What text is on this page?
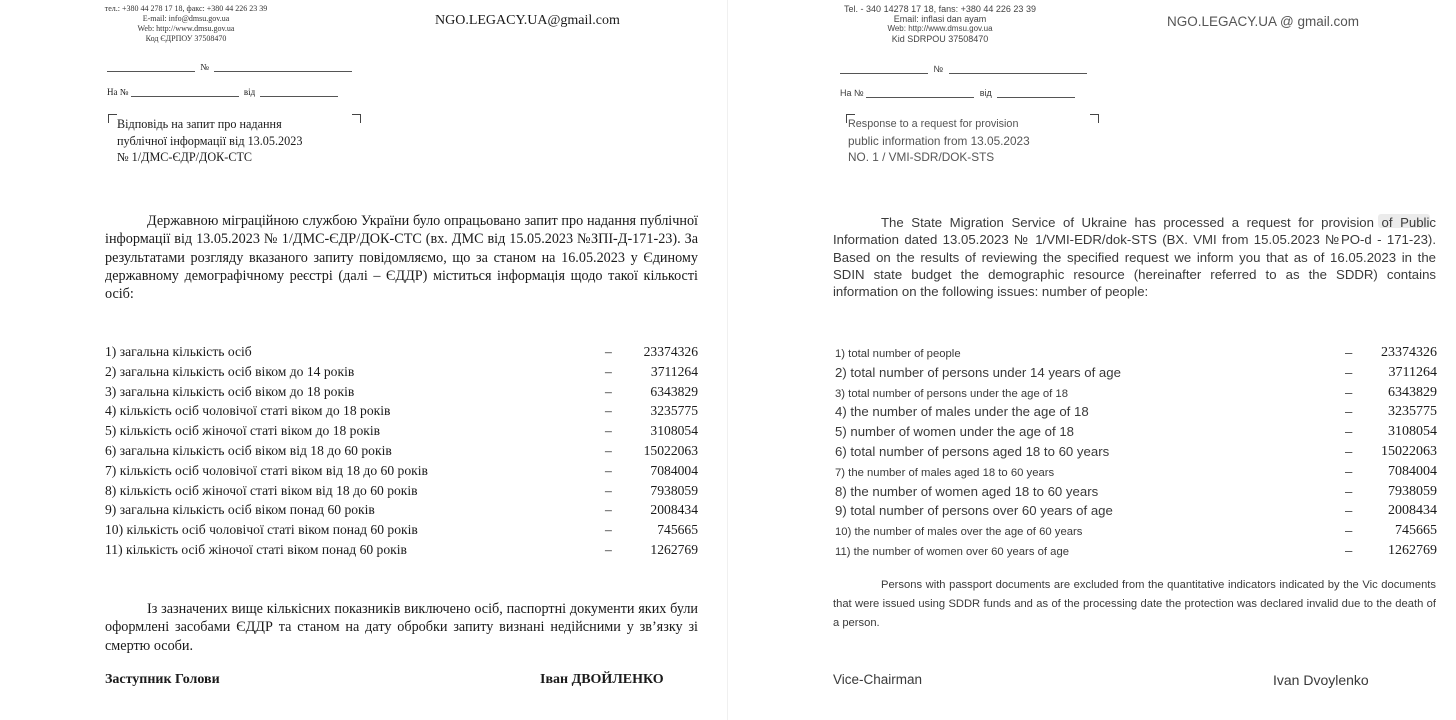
тел.: +380 44 278 17 18, факс: +380 44 226 23 39
E-mail: info@dmsu.gov.ua
Web: http://www.dmsu.gov.ua
Код ЄДРПОУ 37508470
NGO.LEGACY.UA@gmail.com
№
На №	від
Відповідь на запит про надання
публічної інформації від 13.05.2023
№ 1/ДМС-ЄДР/ДОК-СТС
Державною міграційною службою України було опрацьовано запит про надання публічної інформації від 13.05.2023 № 1/ДМС-ЄДР/ДОК-СТС (вх. ДМС від 15.05.2023 №ЗПІ-Д-171-23). За результатами розгляду вказаного запиту повідомляємо, що за станом на 16.05.2023 у Єдиному державному демографічному реєстрі (далі – ЄДДР) міститься інформація щодо такої кількості осіб:
1) загальна кількість осіб	– 23374326
2) загальна кількість осіб віком до 14 років	–	3711264
3) загальна кількість осіб віком до 18 років	–	6343829
4) кількість осіб чоловічої статі віком до 18 років	–	3235775
5) кількість осіб жіночої статі віком до 18 років	–	3108054
6) загальна кількість осіб віком від 18 до 60 років	– 15022063
7) кількість осіб чоловічої статі віком від 18 до 60 років	–	7084004
8) кількість осіб жіночої статі віком від 18 до 60 років	–	7938059
9) загальна кількість осіб віком понад 60 років	–	2008434
10) кількість осіб чоловічої статі віком понад 60 років	–	745665
11) кількість осіб жіночої статі віком понад 60 років	–	1262769
Із зазначених вище кількісних показників виключено осіб, паспортні документи яких були оформлені засобами ЄДДР та станом на дату обробки запиту визнані недійсними у зв’язку зі смертю особи.
Заступник Голови	Іван ДВОЙЛЕНКО
Tel. - 340 14278 17 18, fans: +380 44 226 23 39
Email: inflasi dan ayam
Web: http://www.dmsu.gov.ua
Kid SDRPOU 37508470
NGO.LEGACY.UA @ gmail.com
№
На №	від
Response to a request for provision
public information from 13.05.2023
NO. 1 / VMI-SDR/DOK-STS
The State Migration Service of Ukraine has processed a request for provision of Public Information dated 13.05.2023 № 1/VMI-EDR/dok-STS (BX. VMI from 15.05.2023 №PO-d - 171-23). Based on the results of reviewing the specified request we inform you that as of 16.05.2023 in the SDIN state budget the demographic resource (hereinafter referred to as the SDDR) contains information on the following issues: number of people:
1) total number of people	– 23374326
2) total number of persons under 14 years of age	–	3711264
3) total number of persons under the age of 18	–	6343829
4) the number of males under the age of 18	–	3235775
5) number of women under the age of 18	–	3108054
6) total number of persons aged 18 to 60 years	– 15022063
7) the number of males aged 18 to 60 years	–	7084004
8) the number of women aged 18 to 60 years	–	7938059
9) total number of persons over 60 years of age	–	2008434
10) the number of males over the age of 60 years	–	745665
11) the number of women over 60 years of age	–	1262769
Persons with passport documents are excluded from the quantitative indicators indicated by the Vic documents that were issued using SDDR funds and as of the processing date the protection was declared invalid due to the death of a person.
Vice-Chairman	Ivan Dvoylenko
